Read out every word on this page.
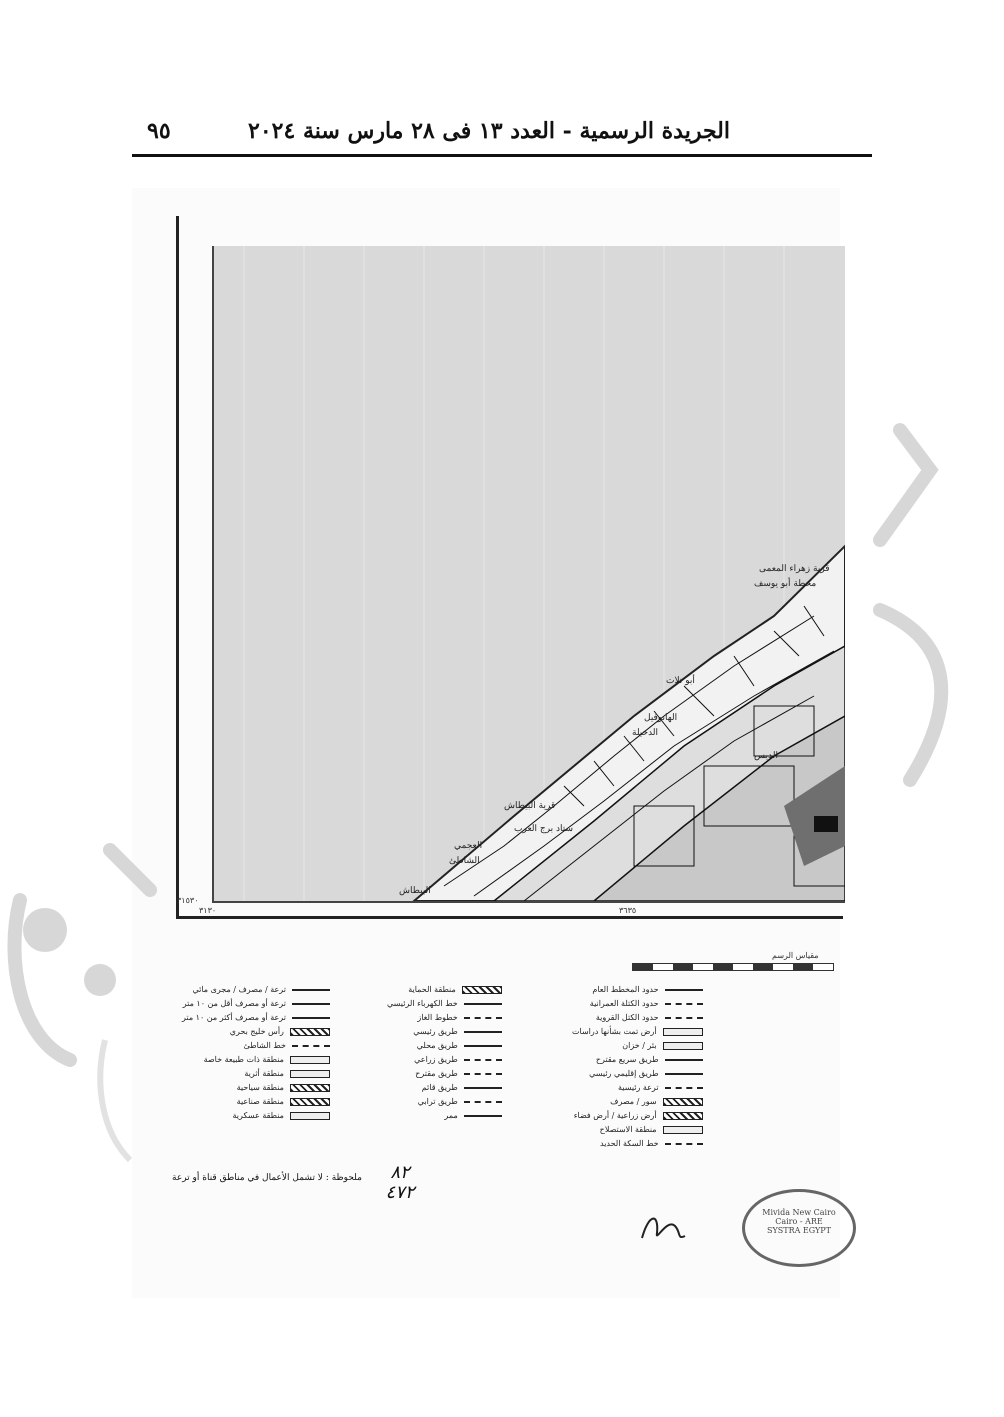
٩٥	الجريدة الرسمية - العدد ١٣ فى ٢٨ مارس سنة ٢٠٢٤
قرية زهراء المعمى
محطة أبو يوسف
أبو تلات
الهانوفيل
الدخيلة
الديس
قرية البيطاش
ستاد برج العرب
العجمي
الشاطئ
البيطاش
٣١٥٣٠
٣١٣٠	٣٦٣٥
مقياس الرسم
حدود المخطط العام
حدود الكتلة العمرانية
حدود الكتل القروية
أرض تمت بشأنها دراسات
بئر / خزان
طريق سريع مقترح
طريق إقليمي رئيسي
ترعة رئيسية
سور / مصرف
أرض زراعية / أرض فضاء
منطقة الاستصلاح
خط السكة الحديد
منطقة الحماية
خط الكهرباء الرئيسي
خطوط الغاز
طريق رئيسي
طريق محلي
طريق زراعي
طريق مقترح
طريق قائم
طريق ترابي
ممر
ترعة / مصرف / مجرى مائي
ترعة أو مصرف أقل من ١٠ متر
ترعة أو مصرف أكثر من ١٠ متر
رأس خليج بحري
خط الشاطئ
منطقة ذات طبيعة خاصة
منطقة أثرية
منطقة سياحية
منطقة صناعية
منطقة عسكرية
ملحوظة : لا تشمل الأعمال في مناطق قناة أو ترعة	٨٢
٤٧٢
Mivida New Cairo
Cairo - ARE
SYSTRA EGYPT
